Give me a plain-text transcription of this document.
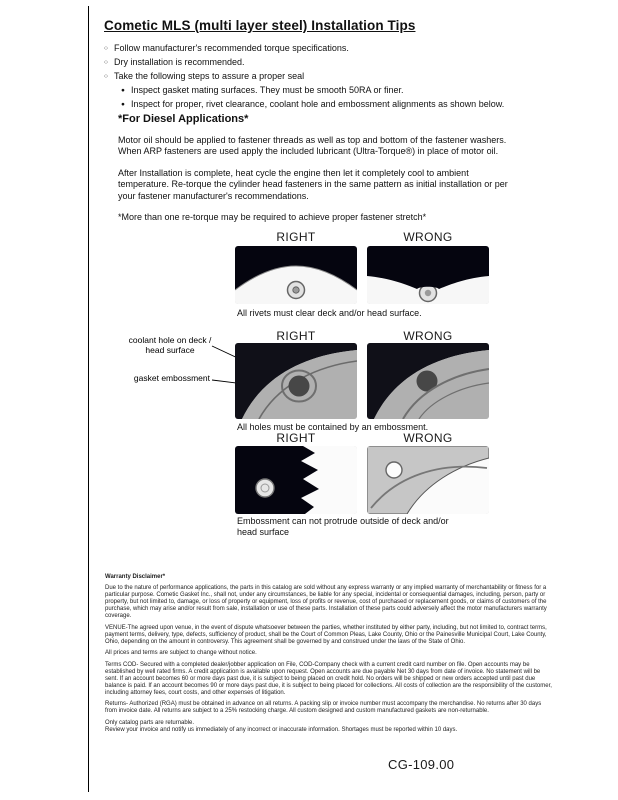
Cometic MLS (multi layer steel) Installation Tips
○
Follow manufacturer's recommended torque specifications.
○
Dry installation is recommended.
○
Take the following steps to assure a proper seal
●
Inspect gasket mating surfaces. They must be smooth 50RA or finer.
●
Inspect for proper, rivet clearance, coolant hole and embossment alignments as shown below.
*For Diesel Applications*

Motor oil should be applied to fastener threads as well as top and bottom of the fastener washers. When ARP fasteners are used apply the included lubricant (Ultra-Torque®) in place of motor oil.

After Installation is complete, heat cycle the engine then let it completely cool to ambient temperature. Re-torque the cylinder head fasteners in the same pattern as initial installation or per your fastener manufacturer's recommendations.

*More than one re-torque may be required to achieve proper fastener stretch*

RIGHT	WRONG
All rivets must clear deck and/or head surface.
RIGHT	WRONG
coolant hole on deck / head surface
gasket embossment
All holes must be contained by an embossment.
RIGHT	WRONG
Embossment can not protrude outside of deck and/or head surface
Warranty Disclaimer*

Due to the nature of performance applications, the parts in this catalog are sold without any express warranty or any implied warranty of merchantability or fitness for a particular purpose. Cometic Gasket Inc., shall not, under any circumstances, be liable for any special, incidental or consequential damages, including, person, party or property, but not limited to, damage, or loss of property or equipment, loss of profits or revenue, cost of purchased or replacement goods, or claims of customers of the purchase, which may arise and/or result from sale, installation or use of these parts. Installation of these parts could adversely affect the motor manufacturers warranty coverage.

VENUE-The agreed upon venue, in the event of dispute whatsoever between the parties, whether instituted by either party, including, but not limited to, contract terms, payment terms, delivery, type, defects, sufficiency of product, shall be the Court of Common Pleas, Lake County, Ohio or the Painesville Municipal Court, Lake County, Ohio, depending on the amount in controversy. This agreement shall be governed by and construed under the laws of the State of Ohio.

All prices and terms are subject to change without notice.

Terms COD- Secured with a completed dealer/jobber application on File, COD-Company check with a current credit card number on file. Open accounts may be established by well rated firms. A credit application is available upon request. Open accounts are due payable Net 30 days from date of invoice. No statement will be sent. If an account becomes 60 or more days past due, it is subject to being placed on credit hold. No orders will be shipped or new orders accepted until past due balance is paid. If an account becomes 90 or more days past due, it is subject to being placed for collections. All costs of collection are the responsibility of the customer, including attorney fees, court costs, and other expenses of litigation.

Returns- Authorized (RGA) must be obtained in advance on all returns. A packing slip or invoice number must accompany the merchandise. No returns after 30 days from invoice date. All returns are subject to a 25% restocking charge. All custom designed and custom manufactured gaskets are non-returnable.

Only catalog parts are returnable.

Review your invoice and notify us immediately of any incorrect or inaccurate information. Shortages must be reported within 10 days.

CG-109.00
